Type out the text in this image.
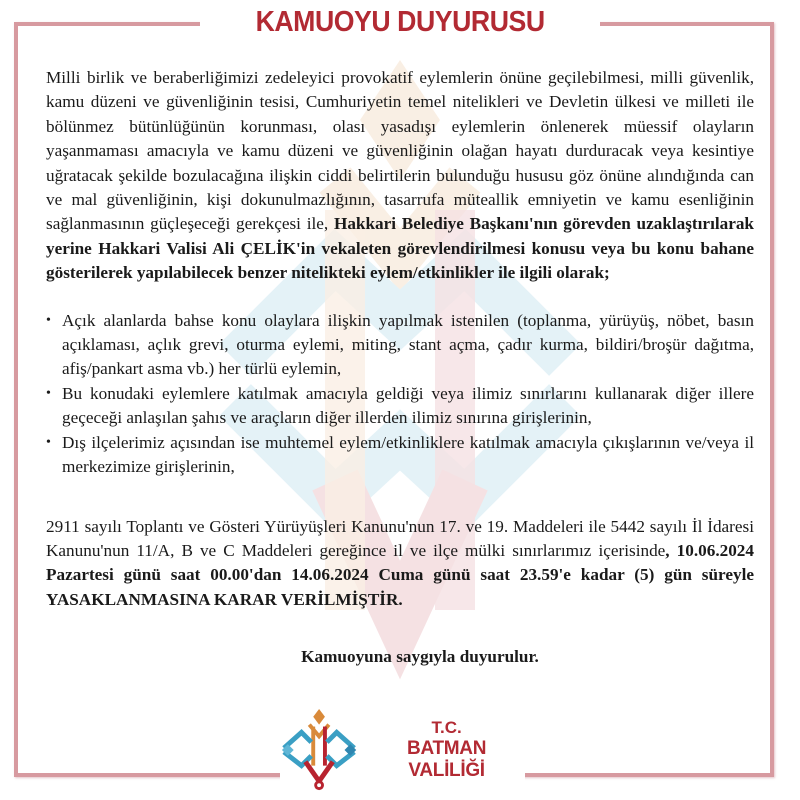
KAMUOYU DUYURUSU

Milli birlik ve beraberliğimizi zedeleyici provokatif eylemlerin önüne geçilebilmesi, milli güvenlik, kamu düzeni ve güvenliğinin tesisi, Cumhuriyetin temel nitelikleri ve Devletin ülkesi ve milleti ile bölünmez bütünlüğünün korunması, olası yasadışı eylemlerin önlenerek müessif olayların yaşanmaması amacıyla ve kamu düzeni ve güvenliğinin olağan hayatı durduracak veya kesintiye uğratacak şekilde bozulacağına ilişkin ciddi belirtilerin bulunduğu hususu göz önüne alındığında can ve mal güvenliğinin, kişi dokunulmazlığının, tasarrufa müteallik emniyetin ve kamu esenliğinin sağlanmasının güçleşeceği gerekçesi ile, Hakkari Belediye Başkanı'nın görevden uzaklaştırılarak yerine Hakkari Valisi Ali ÇELİK'in vekaleten görevlendirilmesi konusu veya bu konu bahane gösterilerek yapılabilecek benzer nitelikteki eylem/etkinlikler ile ilgili olarak;

• Açık alanlarda bahse konu olaylara ilişkin yapılmak istenilen (toplanma, yürüyüş, nöbet, basın açıklaması, açlık grevi, oturma eylemi, miting, stant açma, çadır kurma, bildiri/broşür dağıtma, afiş/pankart asma vb.) her türlü eylemin,
• Bu konudaki eylemlere katılmak amacıyla geldiği veya ilimiz sınırlarını kullanarak diğer illere geçeceği anlaşılan şahıs ve araçların diğer illerden ilimiz sınırına girişlerinin,
• Dış ilçelerimiz açısından ise muhtemel eylem/etkinliklere katılmak amacıyla çıkışlarının ve/veya il merkezimize girişlerinin,

2911 sayılı Toplantı ve Gösteri Yürüyüşleri Kanunu'nun 17. ve 19. Maddeleri ile 5442 sayılı İl İdaresi Kanunu'nun 11/A, B ve C Maddeleri gereğince il ve ilçe mülki sınırlarımız içerisinde, 10.06.2024 Pazartesi günü saat 00.00'dan 14.06.2024 Cuma günü saat 23.59'e kadar (5) gün süreyle YASAKLANMASINA KARAR VERİLMİŞTİR.

Kamuoyuna saygıyla duyurulur.

T.C.
BATMAN VALİLİĞİ
